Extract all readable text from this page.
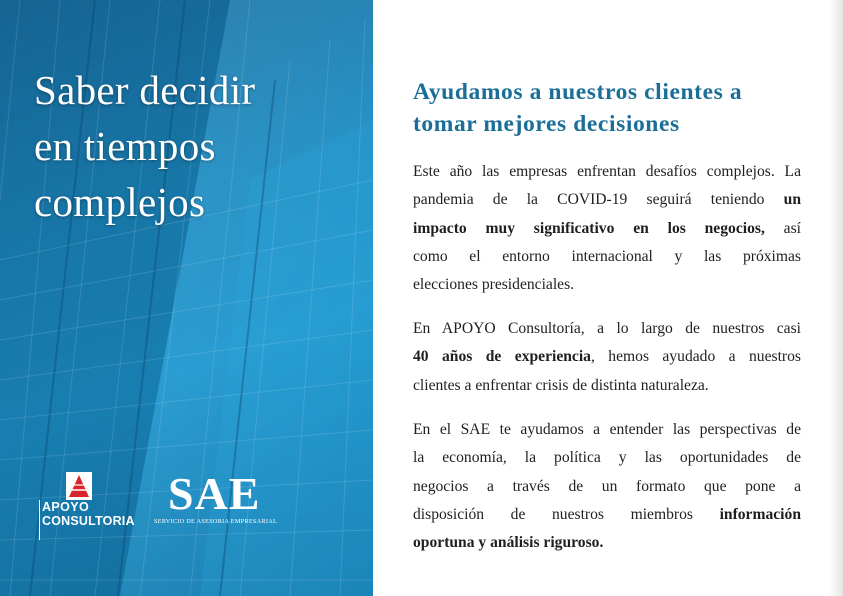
Saber decidir
en tiempos
complejos
APOYO
CONSULTORIA
SAE
SERVICIO DE ASESORIA EMPRESARIAL
Ayudamos a nuestros clientes a
tomar mejores decisiones
Este año las empresas enfrentan desafíos complejos. La
pandemia de la COVID-19 seguirá teniendo un
impacto muy significativo en los negocios, así
como el entorno internacional y las próximas
elecciones presidenciales.
En APOYO Consultoría, a lo largo de nuestros casi
40 años de experiencia, hemos ayudado a nuestros
clientes a enfrentar crisis de distinta naturaleza.
En el SAE te ayudamos a entender las perspectivas de
la economía, la política y las oportunidades de
negocios a través de un formato que pone a
disposición de nuestros miembros información
oportuna y análisis riguroso.
